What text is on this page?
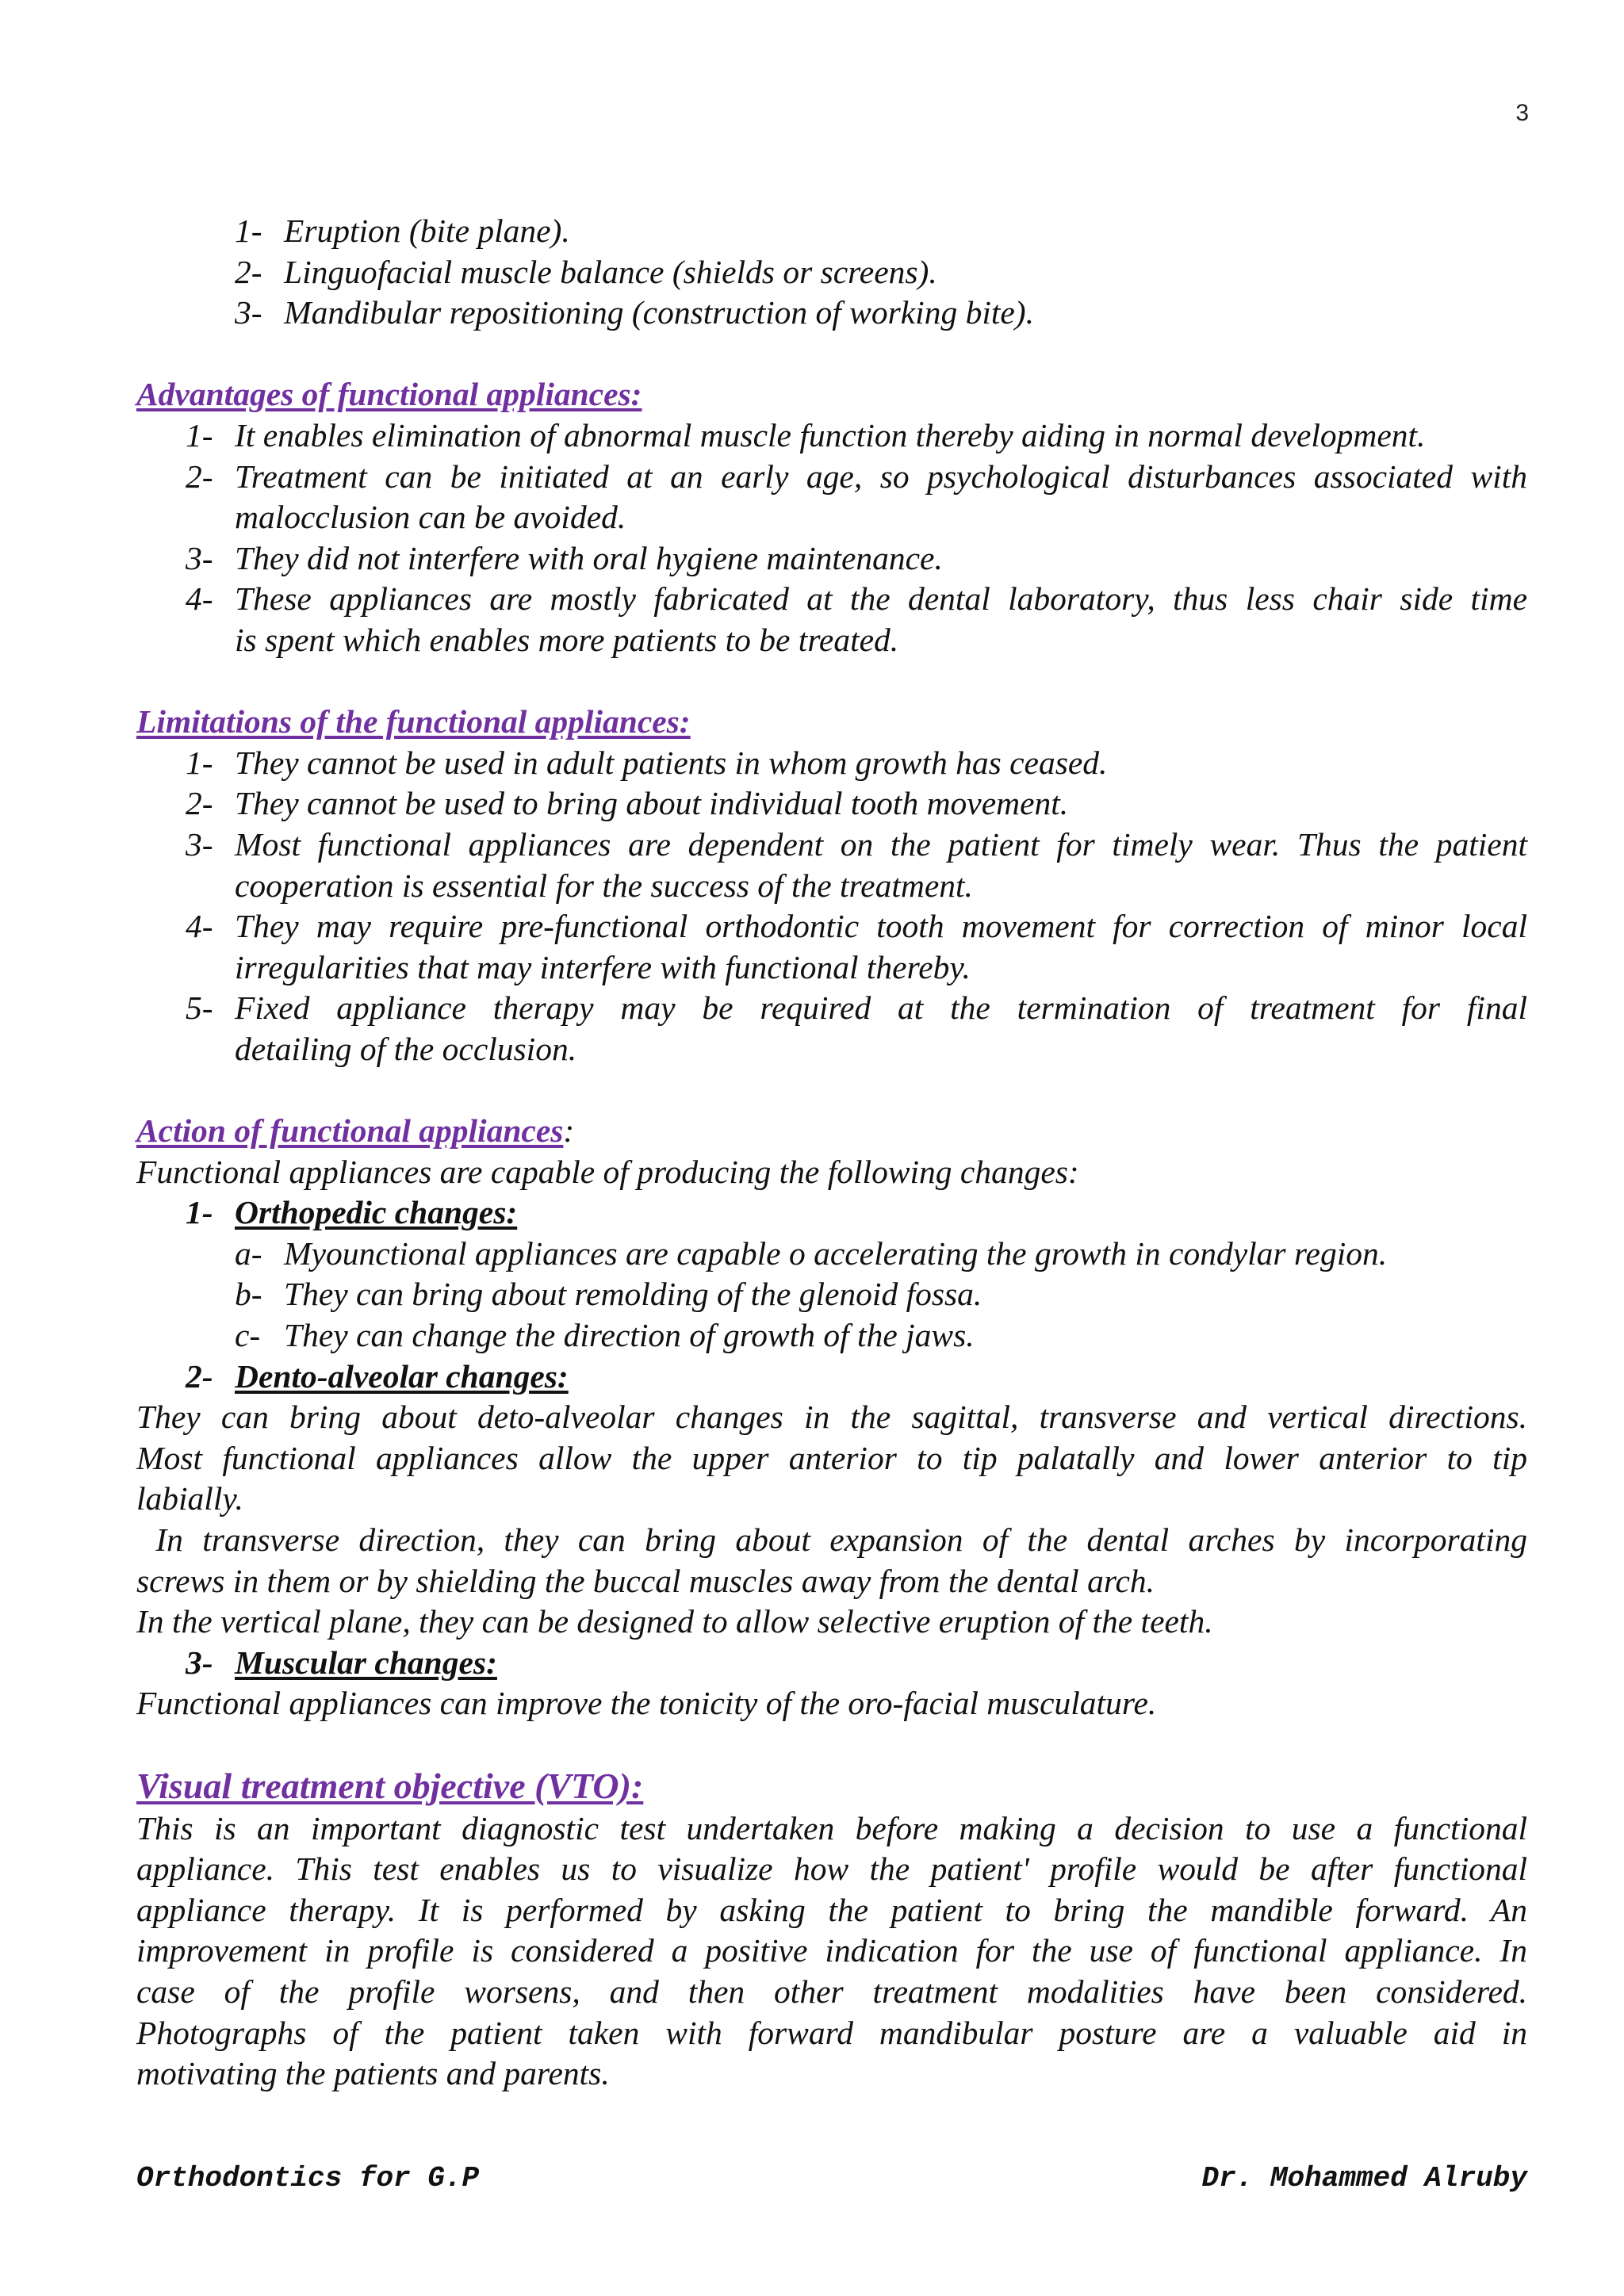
3
1- Eruption (bite plane).
2- Linguofacial muscle balance (shields or screens).
3- Mandibular repositioning (construction of working bite).
Advantages of functional appliances:
1- It enables elimination of abnormal muscle function thereby aiding in normal development.
2- Treatment can be initiated at an early age, so psychological disturbances associated with
malocclusion can be avoided.
3- They did not interfere with oral hygiene maintenance.
4- These appliances are mostly fabricated at the dental laboratory, thus less chair side time
is spent which enables more patients to be treated.
Limitations of the functional appliances:
1- They cannot be used in adult patients in whom growth has ceased.
2- They cannot be used to bring about individual tooth movement.
3- Most functional appliances are dependent on the patient for timely wear. Thus the patient
cooperation is essential for the success of the treatment.
4- They may require pre-functional orthodontic tooth movement for correction of minor local
irregularities that may interfere with functional thereby.
5- Fixed appliance therapy may be required at the termination of treatment for final
detailing of the occlusion.
Action of functional appliances:
Functional appliances are capable of producing the following changes:
1- Orthopedic changes:
a- Myounctional appliances are capable o accelerating the growth in condylar region.
b- They can bring about remolding of the glenoid fossa.
c- They can change the direction of growth of the jaws.
2- Dento-alveolar changes:
They can bring about deto-alveolar changes in the sagittal, transverse and vertical directions.
Most functional appliances allow the upper anterior to tip palatally and lower anterior to tip
labially.
In transverse direction, they can bring about expansion of the dental arches by incorporating
screws in them or by shielding the buccal muscles away from the dental arch.
In the vertical plane, they can be designed to allow selective eruption of the teeth.
3- Muscular changes:
Functional appliances can improve the tonicity of the oro-facial musculature.
Visual treatment objective (VTO):
This is an important diagnostic test undertaken before making a decision to use a functional
appliance. This test enables us to visualize how the patient' profile would be after functional
appliance therapy. It is performed by asking the patient to bring the mandible forward. An
improvement in profile is considered a positive indication for the use of functional appliance. In
case of the profile worsens, and then other treatment modalities have been considered.
Photographs of the patient taken with forward mandibular posture are a valuable aid in
motivating the patients and parents.
Orthodontics for G.P	Dr. Mohammed Alruby
